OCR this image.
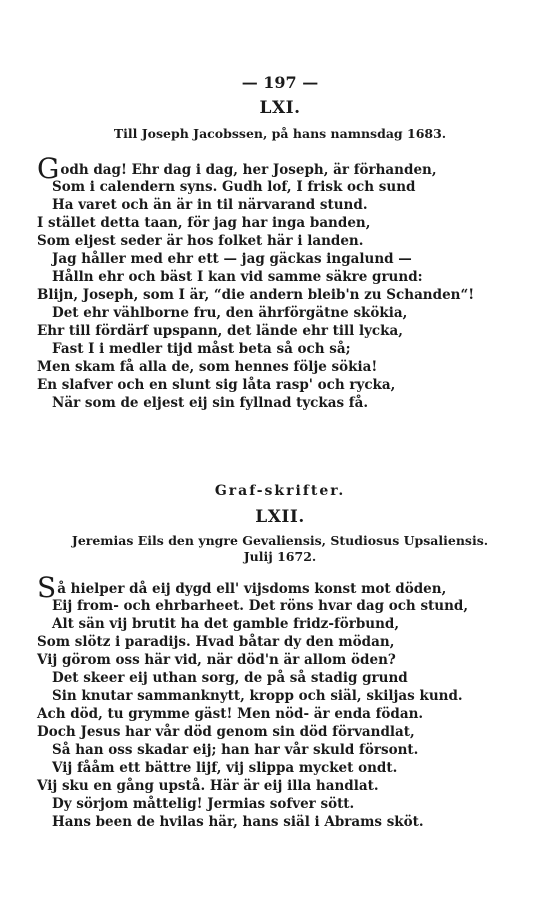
— 197 —
LXI.
Till Joseph Jacobssen, på hans namnsdag 1683.
Godh dag! Ehr dag i dag, her Joseph, är förhanden,
Som i calendern syns. Gudh lof, I frisk och sund
Ha varet och än är in til närvarand stund.
I stället detta taan, för jag har inga banden,
Som eljest seder är hos folket här i landen.
Jag håller med ehr ett — jag gäckas ingalund —
Hålln ehr och bäst I kan vid samme säkre grund:
Blijn, Joseph, som I är, “die andern bleib'n zu Schanden“!
Det ehr vählborne fru, den ährförgätne skökia,
Ehr till fördärf upspann, det lände ehr till lycka,
Fast I i medler tijd måst beta så och så;
Men skam få alla de, som hennes följe sökia!
En slafver och en slunt sig låta rasp' och rycka,
När som de eljest eij sin fyllnad tyckas få.
Graf-skrifter.
LXII.
Jeremias Eils den yngre Gevaliensis, Studiosus Upsaliensis.
Julij 1672.
Så hielper då eij dygd ell' vijsdoms konst mot döden,
Eij from- och ehrbarheet. Det röns hvar dag och stund,
Alt sän vij brutit ha det gamble fridz-förbund,
Som slötz i paradijs. Hvad båtar dy den mödan,
Vij görom oss här vid, när död'n är allom öden?
Det skeer eij uthan sorg, de på så stadig grund
Sin knutar sammanknytt, kropp och siäl, skiljas kund.
Ach död, tu grymme gäst! Men nöd- är enda födan.
Doch Jesus har vår död genom sin död förvandlat,
Så han oss skadar eij; han har vår skuld försont.
Vij fååm ett bättre lijf, vij slippa mycket ondt.
Vij sku en gång upstå. Här är eij illa handlat.
Dy sörjom måttelig! Jermias sofver sött.
Hans been de hvilas här, hans siäl i Abrams sköt.
